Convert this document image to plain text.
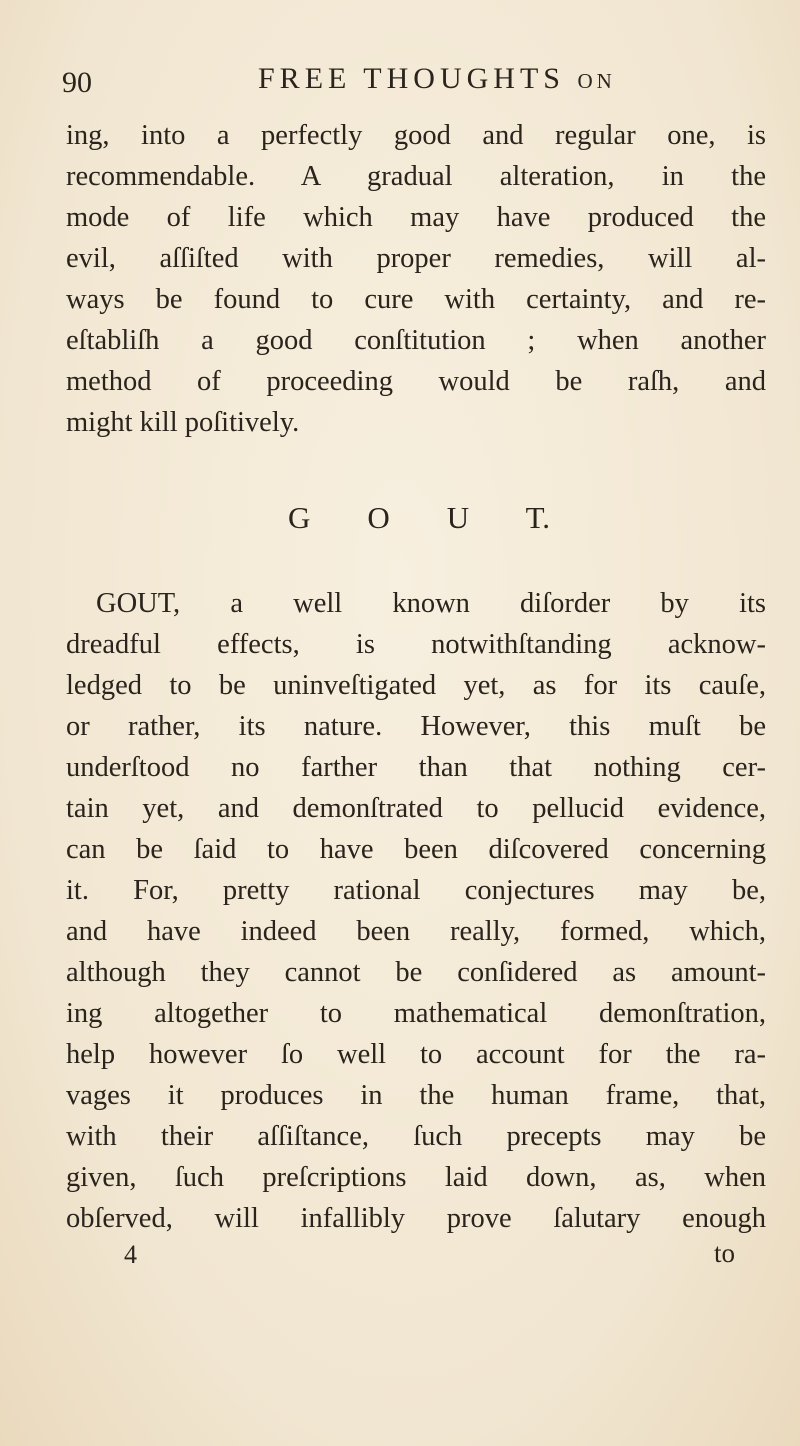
90	FREE THOUGHTS ON
ing, into a perfectly good and regular one, is
recommendable. A gradual alteration, in the
mode of life which may have produced the
evil, aſſiſted with proper remedies, will al-
ways be found to cure with certainty, and re-
eſtabliſh a good conſtitution ; when another
method of proceeding would be raſh, and
might kill poſitively.
G O U T.
GOUT, a well known diſorder by its
dreadful effects, is notwithſtanding acknow-
ledged to be uninveſtigated yet, as for its cauſe,
or rather, its nature. However, this muſt be
underſtood no farther than that nothing cer-
tain yet, and demonſtrated to pellucid evidence,
can be ſaid to have been diſcovered concerning
it. For, pretty rational conjectures may be,
and have indeed been really, formed, which,
although they cannot be conſidered as amount-
ing altogether to mathematical demonſtration,
help however ſo well to account for the ra-
vages it produces in the human frame, that,
with their aſſiſtance, ſuch precepts may be
given, ſuch preſcriptions laid down, as, when
obſerved, will infallibly prove ſalutary enough
4	to
